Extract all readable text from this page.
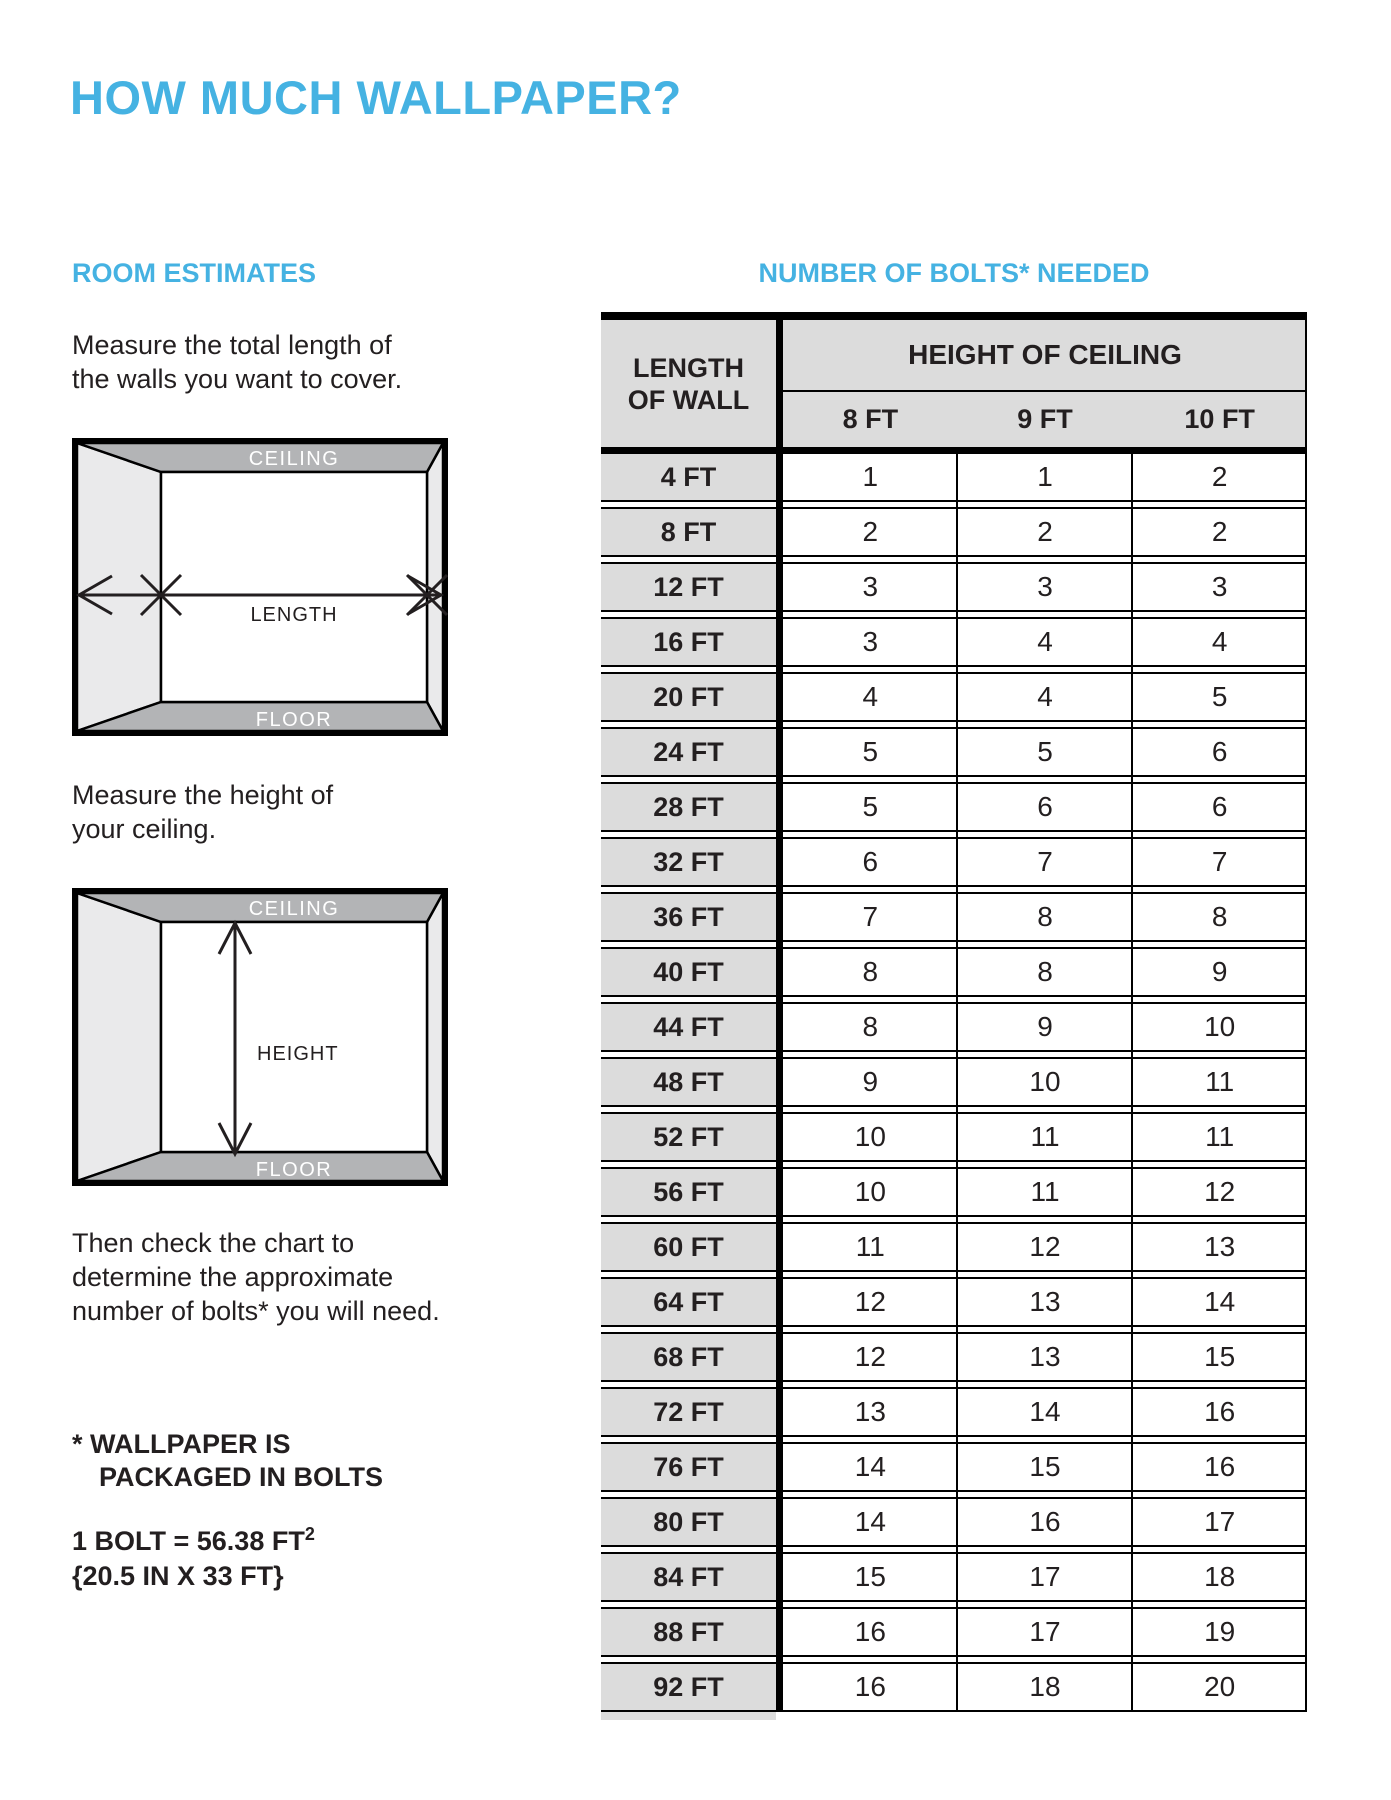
HOW MUCH WALLPAPER?
ROOM ESTIMATES
Measure the total length of
the walls you want to cover.
CEILING
FLOOR
LENGTH
Measure the height of
your ceiling.
CEILING
FLOOR
HEIGHT
Then check the chart to
determine the approximate
number of bolts* you will need.
* WALLPAPER IS
PACKAGED IN BOLTS
1 BOLT = 56.38 $FT^2$
{20.5 IN X 33 FT}
NUMBER OF BOLTS* NEEDED
LENGTH
OF WALL
HEIGHT OF CEILING
8 FT	9 FT	10 FT
4 FT	1	1	2
8 FT	2	2	2
12 FT	3	3	3
16 FT	3	4	4
20 FT	4	4	5
24 FT	5	5	6
28 FT	5	6	6
32 FT	6	7	7
36 FT	7	8	8
40 FT	8	8	9
44 FT	8	9	10
48 FT	9	10	11
52 FT	10	11	11
56 FT	10	11	12
60 FT	11	12	13
64 FT	12	13	14
68 FT	12	13	15
72 FT	13	14	16
76 FT	14	15	16
80 FT	14	16	17
84 FT	15	17	18
88 FT	16	17	19
92 FT	16	18	20
